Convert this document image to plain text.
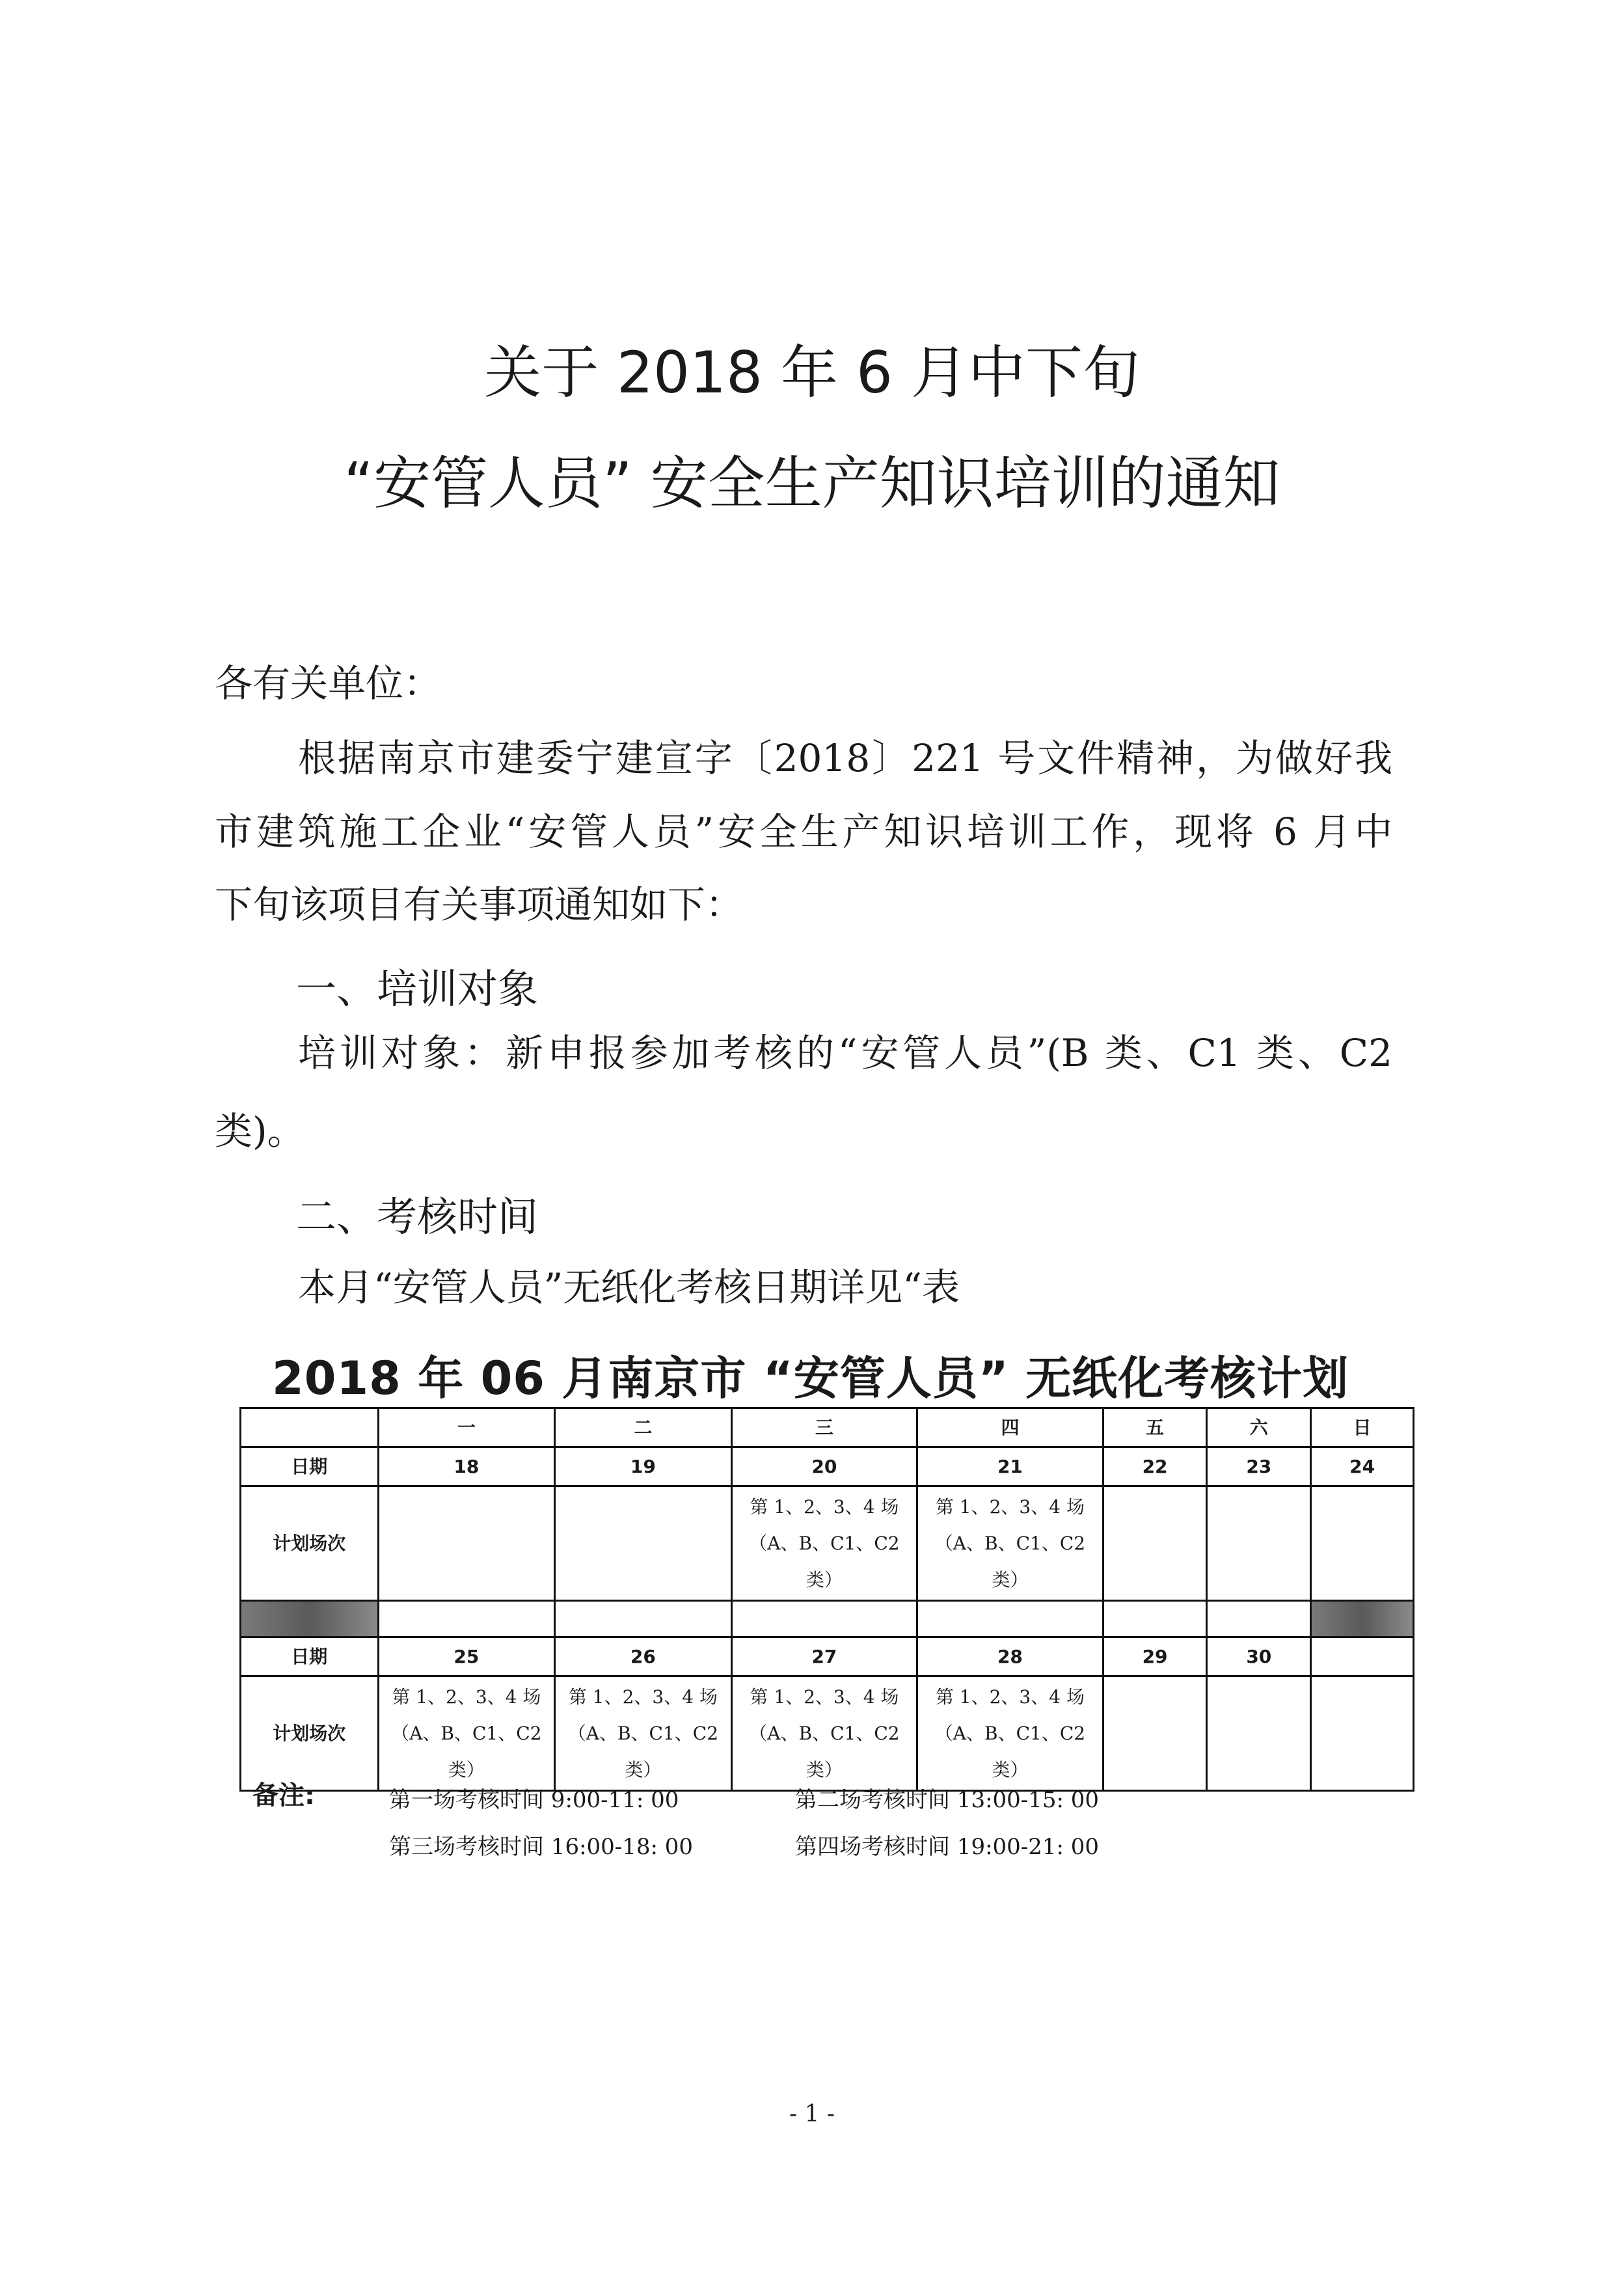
关于 2018 年 6 月中下旬
“安管人员” 安全生产知识培训的通知
各有关单位：
根据南京市建委宁建宣字〔2018〕221 号文件精神，为做好我
市建筑施工企业“安管人员”安全生产知识培训工作，现将 6 月中
下旬该项目有关事项通知如下：
一、培训对象
培训对象：新申报参加考核的“安管人员”(B 类、C1 类、C2
类)。
二、考核时间
本月“安管人员”无纸化考核日期详见“表
2018 年 06 月南京市 “安管人员” 无纸化考核计划
	一	二	三	四	五	六	日
日期	18	19	20	21	22	23	24
计划场次			第 1、2、3、4 场（A、B、C1、C2 类）	第 1、2、3、4 场（A、B、C1、C2 类）			

日期	25	26	27	28	29	30	
计划场次	第 1、2、3、4 场（A、B、C1、C2 类）	第 1、2、3、4 场（A、B、C1、C2 类）	第 1、2、3、4 场（A、B、C1、C2 类）	第 1、2、3、4 场（A、B、C1、C2 类）			
备注:	第一场考核时间 9:00-11: 00	第二场考核时间 13:00-15: 00
第三场考核时间 16:00-18: 00	第四场考核时间 19:00-21: 00
- 1 -
